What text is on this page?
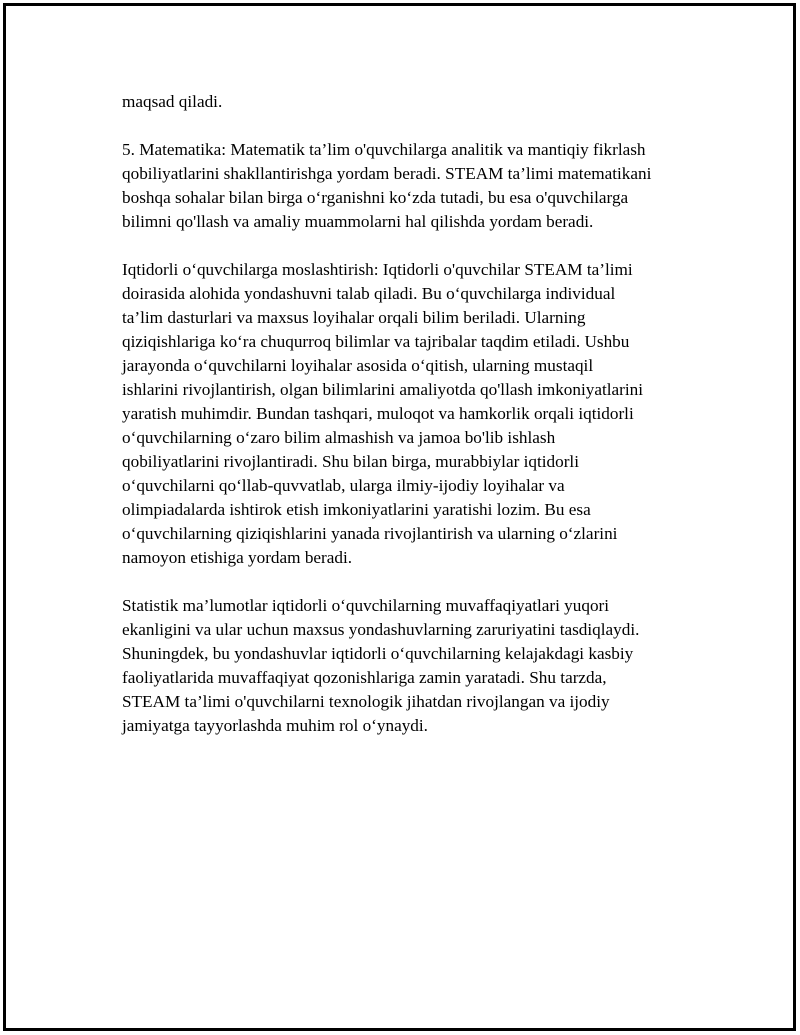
maqsad qiladi.

5. Matematika: Matematik ta’lim o'quvchilarga analitik va mantiqiy fikrlash
qobiliyatlarini shakllantirishga yordam beradi. STEAM ta’limi matematikani
boshqa sohalar bilan birga o‘rganishni ko‘zda tutadi, bu esa o'quvchilarga
bilimni qo'llash va amaliy muammolarni hal qilishda yordam beradi.

Iqtidorli o‘quvchilarga moslashtirish: Iqtidorli o'quvchilar STEAM ta’limi
doirasida alohida yondashuvni talab qiladi. Bu o‘quvchilarga individual
ta’lim dasturlari va maxsus loyihalar orqali bilim beriladi. Ularning
qiziqishlariga ko‘ra chuqurroq bilimlar va tajribalar taqdim etiladi. Ushbu
jarayonda o‘quvchilarni loyihalar asosida o‘qitish, ularning mustaqil
ishlarini rivojlantirish, olgan bilimlarini amaliyotda qo'llash imkoniyatlarini
yaratish muhimdir. Bundan tashqari, muloqot va hamkorlik orqali iqtidorli
o‘quvchilarning o‘zaro bilim almashish va jamoa bo'lib ishlash
qobiliyatlarini rivojlantiradi. Shu bilan birga, murabbiylar iqtidorli
o‘quvchilarni qo‘llab-quvvatlab, ularga ilmiy-ijodiy loyihalar va
olimpiadalarda ishtirok etish imkoniyatlarini yaratishi lozim. Bu esa
o‘quvchilarning qiziqishlarini yanada rivojlantirish va ularning o‘zlarini
namoyon etishiga yordam beradi.

Statistik ma’lumotlar iqtidorli o‘quvchilarning muvaffaqiyatlari yuqori
ekanligini va ular uchun maxsus yondashuvlarning zaruriyatini tasdiqlaydi.
Shuningdek, bu yondashuvlar iqtidorli o‘quvchilarning kelajakdagi kasbiy
faoliyatlarida muvaffaqiyat qozonishlariga zamin yaratadi. Shu tarzda,
STEAM ta’limi o'quvchilarni texnologik jihatdan rivojlangan va ijodiy
jamiyatga tayyorlashda muhim rol o‘ynaydi.
